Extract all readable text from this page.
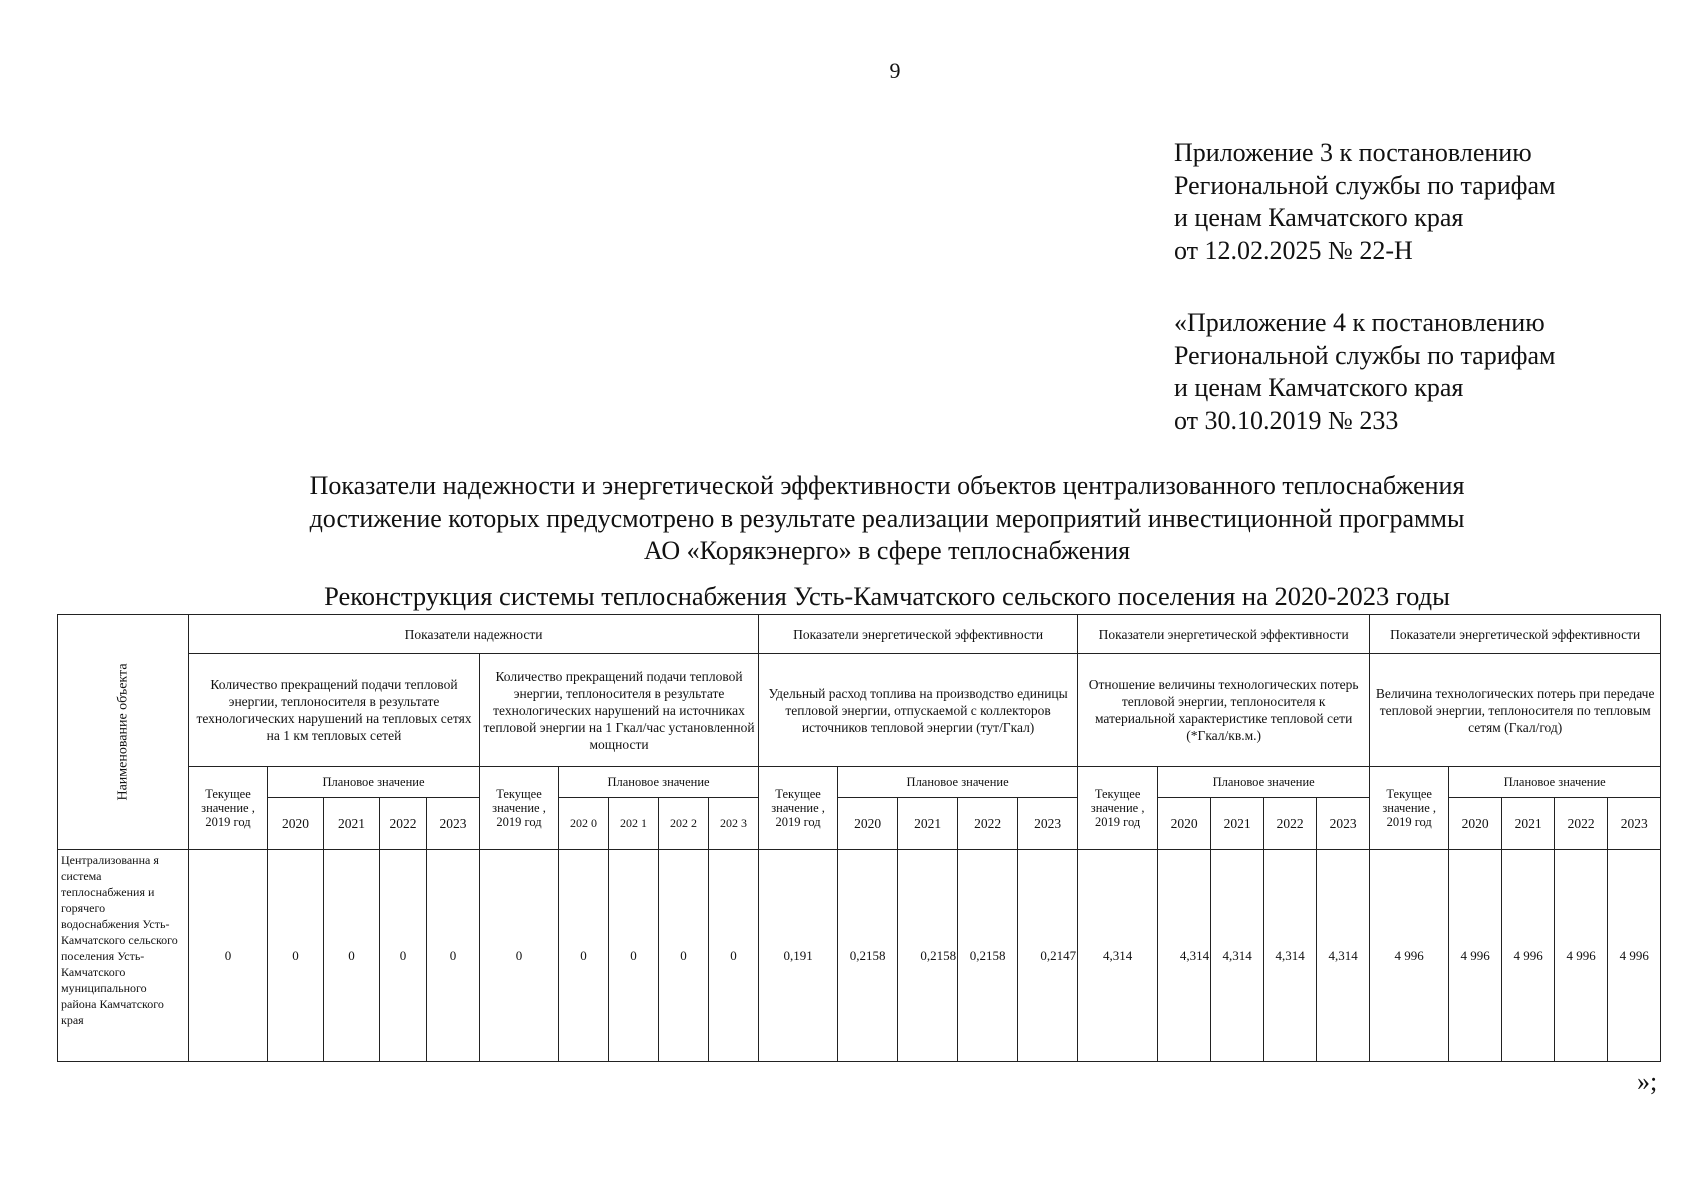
9
Приложение 3 к постановлению
Региональной службы по тарифам
и ценам Камчатского края
от 12.02.2025 № 22-Н
«Приложение 4 к постановлению
Региональной службы по тарифам
и ценам Камчатского края
от 30.10.2019 № 233
Показатели надежности и энергетической эффективности объектов централизованного теплоснабжения
достижение которых предусмотрено в результате реализации мероприятий инвестиционной программы
АО «Корякэнерго» в сфере теплоснабжения
Реконструкция системы теплоснабжения Усть-Камчатского сельского поселения на 2020-2023 годы
Наименование объекта	Показатели надежности										Показатели энергетической эффективности					Показатели энергетической эффективности					Показатели энергетической эффективности				
	Количество прекращений подачи тепловой энергии, теплоносителя в результате технологических нарушений на тепловых сетях на 1 км тепловых сетей					Количество прекращений подачи тепловой энергии, теплоносителя в результате технологических нарушений на источниках тепловой энергии на 1 Гкал/час установленной мощности					Удельный расход топлива на производство единицы тепловой энергии, отпускаемой с коллекторов источников тепловой энергии (тут/Гкал)					Отношение величины технологических потерь тепловой энергии, теплоносителя к материальной характеристике тепловой сети (*Гкал/кв.м.)					Величина технологических потерь при передаче тепловой энергии, теплоносителя по тепловым сетям (Гкал/год)				
	Текущее значение , 2019 год	Плановое значение				Текущее значение , 2019 год	Плановое значение				Текущее значение , 2019 год	Плановое значение				Текущее значение , 2019 год	Плановое значение				Текущее значение , 2019 год	Плановое значение			
		2020	2021	2022	2023		202 0	202 1	202 2	202 3		2020	2021	2022	2023		2020	2021	2022	2023		2020	2021	2022	2023
Централизованна я система теплоснабжения и горячего водоснабжения Усть-Камчатского сельского поселения Усть-Камчатского муниципального района Камчатского края	0	0	0	0	0	0	0	0	0	0	0,191	0,2158	0,2158	0,2158	0,2147	4,314	4,314	4,314	4,314	4,314	4 996	4 996	4 996	4 996	4 996
»;
